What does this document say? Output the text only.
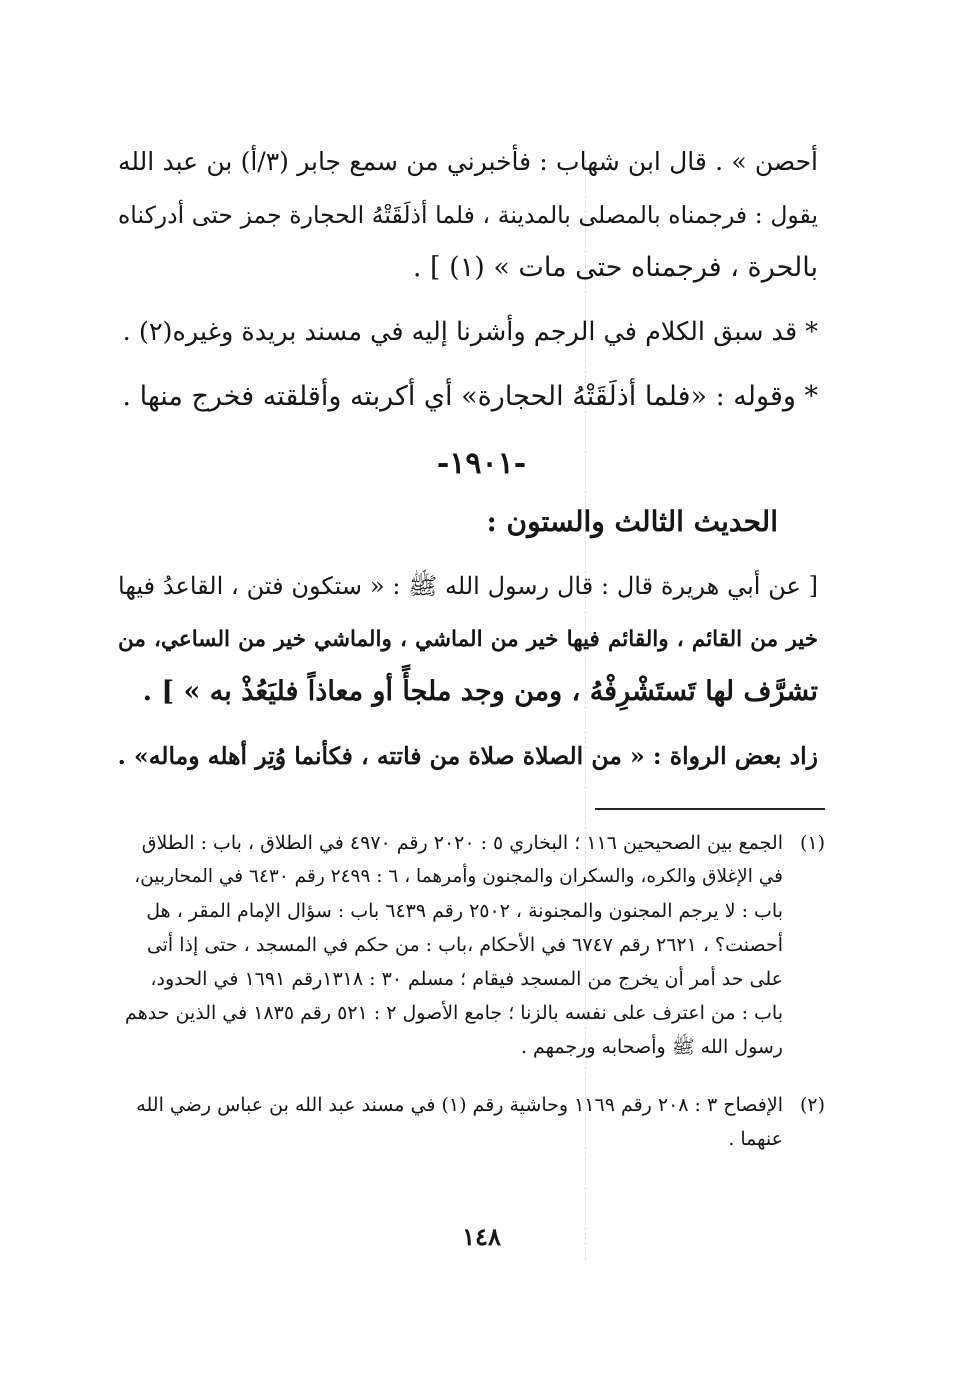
أحصن » . قال ابن شهاب : فأخبرني من سمع جابر (٣/أ) بن عبد الله
يقول : فرجمناه بالمصلى بالمدينة ، فلما أذلَقَتْهُ الحجارة جمز حتى أدركناه
بالحرة ، فرجمناه حتى مات » (١) ] .
* قد سبق الكلام في الرجم وأشرنا إليه في مسند بريدة وغيره(٢) .
* وقوله : «فلما أذلَقَتْهُ الحجارة» أي أكربته وأقلقته فخرج منها .
-١٩٠١-
الحديث الثالث والستون :
[ عن أبي هريرة قال : قال رسول الله ﷺ : « ستكون فتن ، القاعدُ فيها
خير من القائم ، والقائم فيها خير من الماشي ، والماشي خير من الساعي، من
تشرَّف لها تَستَشْرِفْهُ ، ومن وجد ملجأً أو معاذاً فليَعُذْ به » ] .
زاد بعض الرواة : « من الصلاة صلاة من فاتته ، فكأنما وُتِر أهله وماله» .
(١)
الجمع بين الصحيحين ١١٦ ؛ البخاري ٥ : ٢٠٢٠ رقم ٤٩٧٠ في الطلاق ، باب : الطلاق
في الإغلاق والكره، والسكران والمجنون وأمرهما ، ٦ : ٢٤٩٩ رقم ٦٤٣٠ في المحاربين،
باب : لا يرجم المجنون والمجنونة ، ٢٥٠٢ رقم ٦٤٣٩ باب : سؤال الإمام المقر ، هل
أحصنت؟ ، ٢٦٢١ رقم ٦٧٤٧ في الأحكام ،باب : من حكم في المسجد ، حتى إذا أتى
على حد أمر أن يخرج من المسجد فيقام ؛ مسلم ٣٠ : ١٣١٨رقم ١٦٩١ في الحدود،
باب : من اعترف على نفسه بالزنا ؛ جامع الأصول ٢ : ٥٢١ رقم ١٨٣٥ في الذين حدهم
رسول الله ﷺ وأصحابه ورجمهم .
(٢)
الإفصاح ٣ : ٢٠٨ رقم ١١٦٩ وحاشية رقم (١) في مسند عبد الله بن عباس رضي الله
عنهما .
١٤٨
